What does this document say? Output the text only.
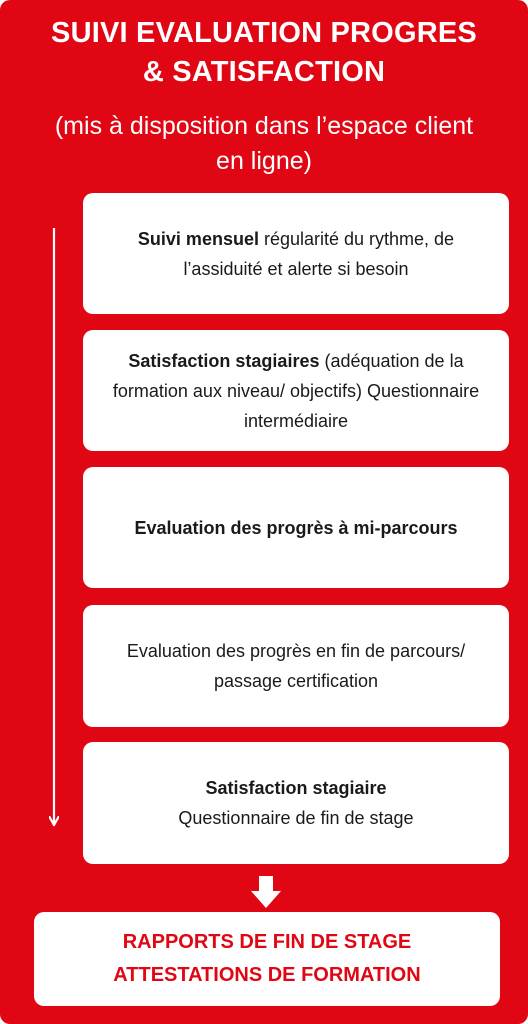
SUIVI EVALUATION PROGRES
& SATISFACTION
(mis à disposition dans l’espace client
en ligne)
Suivi mensuel régularité du rythme, de l’assiduité et alerte si besoin
Satisfaction stagiaires (adéquation de la formation aux niveau/ objectifs) Questionnaire intermédiaire
Evaluation des progrès à mi-parcours
Evaluation des progrès en fin de parcours/ passage certification
Satisfaction stagiaire
Questionnaire de fin de stage
RAPPORTS DE FIN DE STAGE
ATTESTATIONS DE FORMATION
